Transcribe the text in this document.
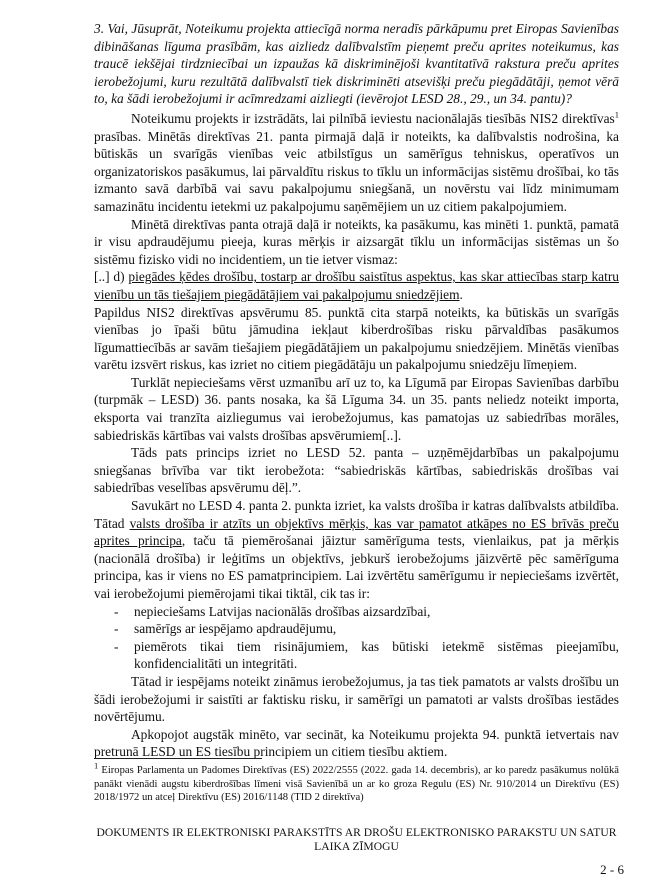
3. Vai, Jūsuprāt, Noteikumu projekta attiecīgā norma neradīs pārkāpumu pret Eiropas Savienības dibināšanas līguma prasībām, kas aizliedz dalībvalstīm pieņemt preču aprites noteikumus, kas traucē iekšējai tirdzniecībai un izpaužas kā diskriminējoši kvantitatīvā rakstura preču aprites ierobežojumi, kuru rezultātā dalībvalstī tiek diskriminēti atsevišķi preču piegādātāji, ņemot vērā to, ka šādi ierobežojumi ir acīmredzami aizliegti (ievērojot LESD 28., 29., un 34. pantu)?

Noteikumu projekts ir izstrādāts, lai pilnībā ieviestu nacionālajās tiesībās NIS2 direktīvas$^1$ prasības. Minētās direktīvas 21. panta pirmajā daļā ir noteikts, ka dalībvalstis nodrošina, ka būtiskās un svarīgās vienības veic atbilstīgus un samērīgus tehniskus, operatīvos un organizatoriskos pasākumus, lai pārvaldītu riskus to tīklu un informācijas sistēmu drošībai, ko tās izmanto savā darbībā vai savu pakalpojumu sniegšanā, un novērstu vai līdz minimumam samazinātu incidentu ietekmi uz pakalpojumu saņēmējiem un uz citiem pakalpojumiem.

Minētā direktīvas panta otrajā daļā ir noteikts, ka pasākumu, kas minēti 1. punktā, pamatā ir visu apdraudējumu pieeja, kuras mērķis ir aizsargāt tīklu un informācijas sistēmas un šo sistēmu fizisko vidi no incidentiem, un tie ietver vismaz:

[..] d) piegādes ķēdes drošību, tostarp ar drošību saistītus aspektus, kas skar attiecības starp katru vienību un tās tiešajiem piegādātājiem vai pakalpojumu sniedzējiem.

Papildus NIS2 direktīvas apsvērumu 85. punktā cita starpā noteikts, ka būtiskās un svarīgās vienības jo īpaši būtu jāmudina iekļaut kiberdrošības risku pārvaldības pasākumos līgumattiecībās ar savām tiešajiem piegādātājiem un pakalpojumu sniedzējiem. Minētās vienības varētu izsvērt riskus, kas izriet no citiem piegādātāju un pakalpojumu sniedzēju līmeņiem.

Turklāt nepieciešams vērst uzmanību arī uz to, ka Līgumā par Eiropas Savienības darbību (turpmāk – LESD) 36. pants nosaka, ka šā Līguma 34. un 35. pants neliedz noteikt importa, eksporta vai tranzīta aizliegumus vai ierobežojumus, kas pamatojas uz sabiedrības morāles, sabiedriskās kārtības vai valsts drošības apsvērumiem[..].

Tāds pats princips izriet no LESD 52. panta – uzņēmējdarbības un pakalpojumu sniegšanas brīvība var tikt ierobežota: “sabiedriskās kārtības, sabiedriskās drošības vai sabiedrības veselības apsvērumu dēļ.”.

Savukārt no LESD 4. panta 2. punkta izriet, ka valsts drošība ir katras dalībvalsts atbildība. Tātad valsts drošība ir atzīts un objektīvs mērķis, kas var pamatot atkāpes no ES brīvās preču aprites principa, taču tā piemērošanai jāiztur samērīguma tests, vienlaikus, pat ja mērķis (nacionālā drošība) ir leģitīms un objektīvs, jebkurš ierobežojums jāizvērtē pēc samērīguma principa, kas ir viens no ES pamatprincipiem. Lai izvērtētu samērīgumu ir nepieciešams izvērtēt, vai ierobežojumi piemērojami tikai tiktāl, cik tas ir:

- nepieciešams Latvijas nacionālās drošības aizsardzībai,
- samērīgs ar iespējamo apdraudējumu,
- piemērots tikai tiem risinājumiem, kas būtiski ietekmē sistēmas pieejamību, konfidencialitāti un integritāti.

Tātad ir iespējams noteikt zināmus ierobežojumus, ja tas tiek pamatots ar valsts drošību un šādi ierobežojumi ir saistīti ar faktisku risku, ir samērīgi un pamatoti ar valsts drošības iestādes novērtējumu.

Apkopojot augstāk minēto, var secināt, ka Noteikumu projekta 94. punktā ietvertais nav pretrunā LESD un ES tiesību principiem un citiem tiesību aktiem.

$^1$ Eiropas Parlamenta un Padomes Direktīvas (ES) 2022/2555 (2022. gada 14. decembris), ar ko paredz pasākumus nolūkā panākt vienādi augstu kiberdrošības līmeni visā Savienībā un ar ko groza Regulu (ES) Nr. 910/2014 un Direktīvu (ES) 2018/1972 un atceļ Direktīvu (ES) 2016/1148 (TID 2 direktīva)

DOKUMENTS IR ELEKTRONISKI PARAKSTĪTS AR DROŠU ELEKTRONISKO PARAKSTU UN SATUR LAIKA ZĪMOGU
2 - 6
